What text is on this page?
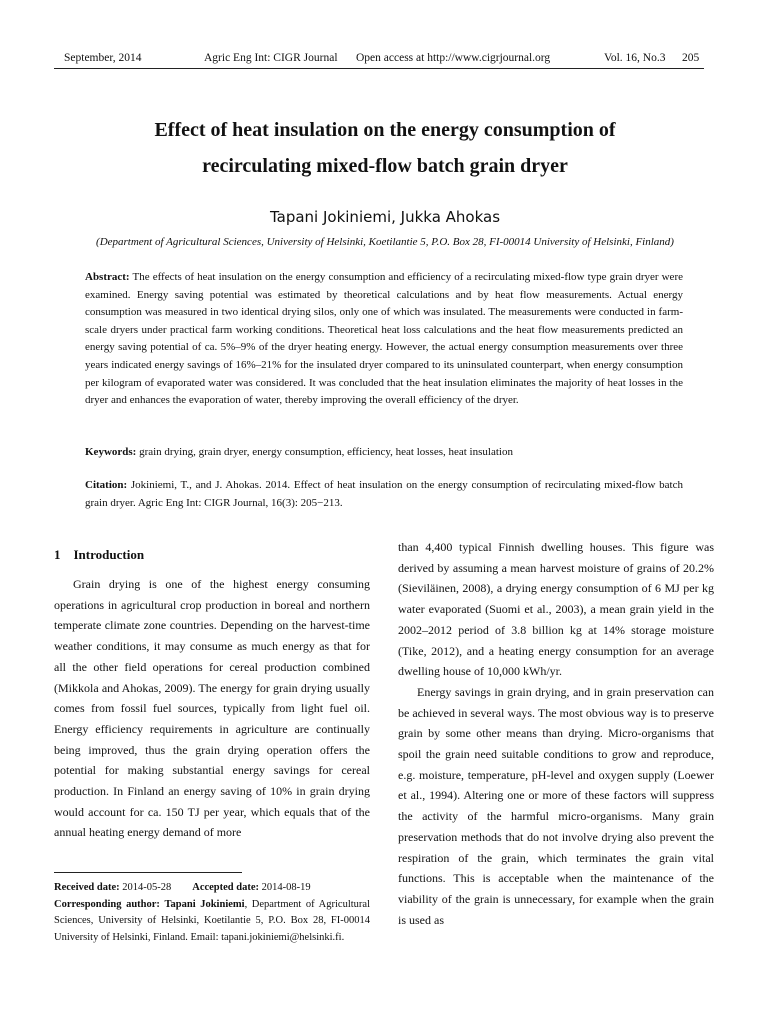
September, 2014	Agric Eng Int: CIGR Journal Open access at http://www.cigrjournal.org	Vol. 16, No.3 205
Effect of heat insulation on the energy consumption of
recirculating mixed-flow batch grain dryer
Tapani Jokiniemi, Jukka Ahokas
(Department of Agricultural Sciences, University of Helsinki, Koetilantie 5, P.O. Box 28, FI-00014 University of Helsinki, Finland)
Abstract: The effects of heat insulation on the energy consumption and efficiency of a recirculating mixed-flow type grain dryer were examined. Energy saving potential was estimated by theoretical calculations and by heat flow measurements. Actual energy consumption was measured in two identical drying silos, only one of which was insulated. The measurements were conducted in farm-scale dryers under practical farm working conditions. Theoretical heat loss calculations and the heat flow measurements predicted an energy saving potential of ca. 5%–9% of the dryer heating energy. However, the actual energy consumption measurements over three years indicated energy savings of 16%–21% for the insulated dryer compared to its uninsulated counterpart, when energy consumption per kilogram of evaporated water was considered. It was concluded that the heat insulation eliminates the majority of heat losses in the dryer and enhances the evaporation of water, thereby improving the overall efficiency of the dryer.
Keywords: grain drying, grain dryer, energy consumption, efficiency, heat losses, heat insulation
Citation: Jokiniemi, T., and J. Ahokas. 2014. Effect of heat insulation on the energy consumption of recirculating mixed-flow batch grain dryer. Agric Eng Int: CIGR Journal, 16(3): 205−213.
1 Introduction

Grain drying is one of the highest energy consuming operations in agricultural crop production in boreal and northern temperate climate zone countries. Depending on the harvest-time weather conditions, it may consume as much energy as that for all the other field operations for cereal production combined (Mikkola and Ahokas, 2009). The energy for grain drying usually comes from fossil fuel sources, typically from light fuel oil. Energy efficiency requirements in agriculture are continually being improved, thus the grain drying operation offers the potential for making substantial energy savings for cereal production. In Finland an energy saving of 10% in grain drying would account for ca. 150 TJ per year, which equals that of the annual heating energy demand of more

than 4,400 typical Finnish dwelling houses. This figure was derived by assuming a mean harvest moisture of grains of 20.2% (Sieviläinen, 2008), a drying energy consumption of 6 MJ per kg water evaporated (Suomi et al., 2003), a mean grain yield in the 2002–2012 period of 3.8 billion kg at 14% storage moisture (Tike, 2012), and a heating energy consumption for an average dwelling house of 10,000 kWh/yr.

Energy savings in grain drying, and in grain preservation can be achieved in several ways. The most obvious way is to preserve grain by some other means than drying. Micro-organisms that spoil the grain need suitable conditions to grow and reproduce, e.g. moisture, temperature, pH-level and oxygen supply (Loewer et al., 1994). Altering one or more of these factors will suppress the activity of the harmful micro-organisms. Many grain preservation methods that do not involve drying also prevent the respiration of the grain, which terminates the grain vital functions. This is acceptable when the maintenance of the viability of the grain is unnecessary, for example when the grain is used as

Received date: 2014-05-28 Accepted date: 2014-08-19
Corresponding author: Tapani Jokiniemi, Department of Agricultural Sciences, University of Helsinki, Koetilantie 5, P.O. Box 28, FI-00014 University of Helsinki, Finland. Email: tapani.jokiniemi@helsinki.fi.
